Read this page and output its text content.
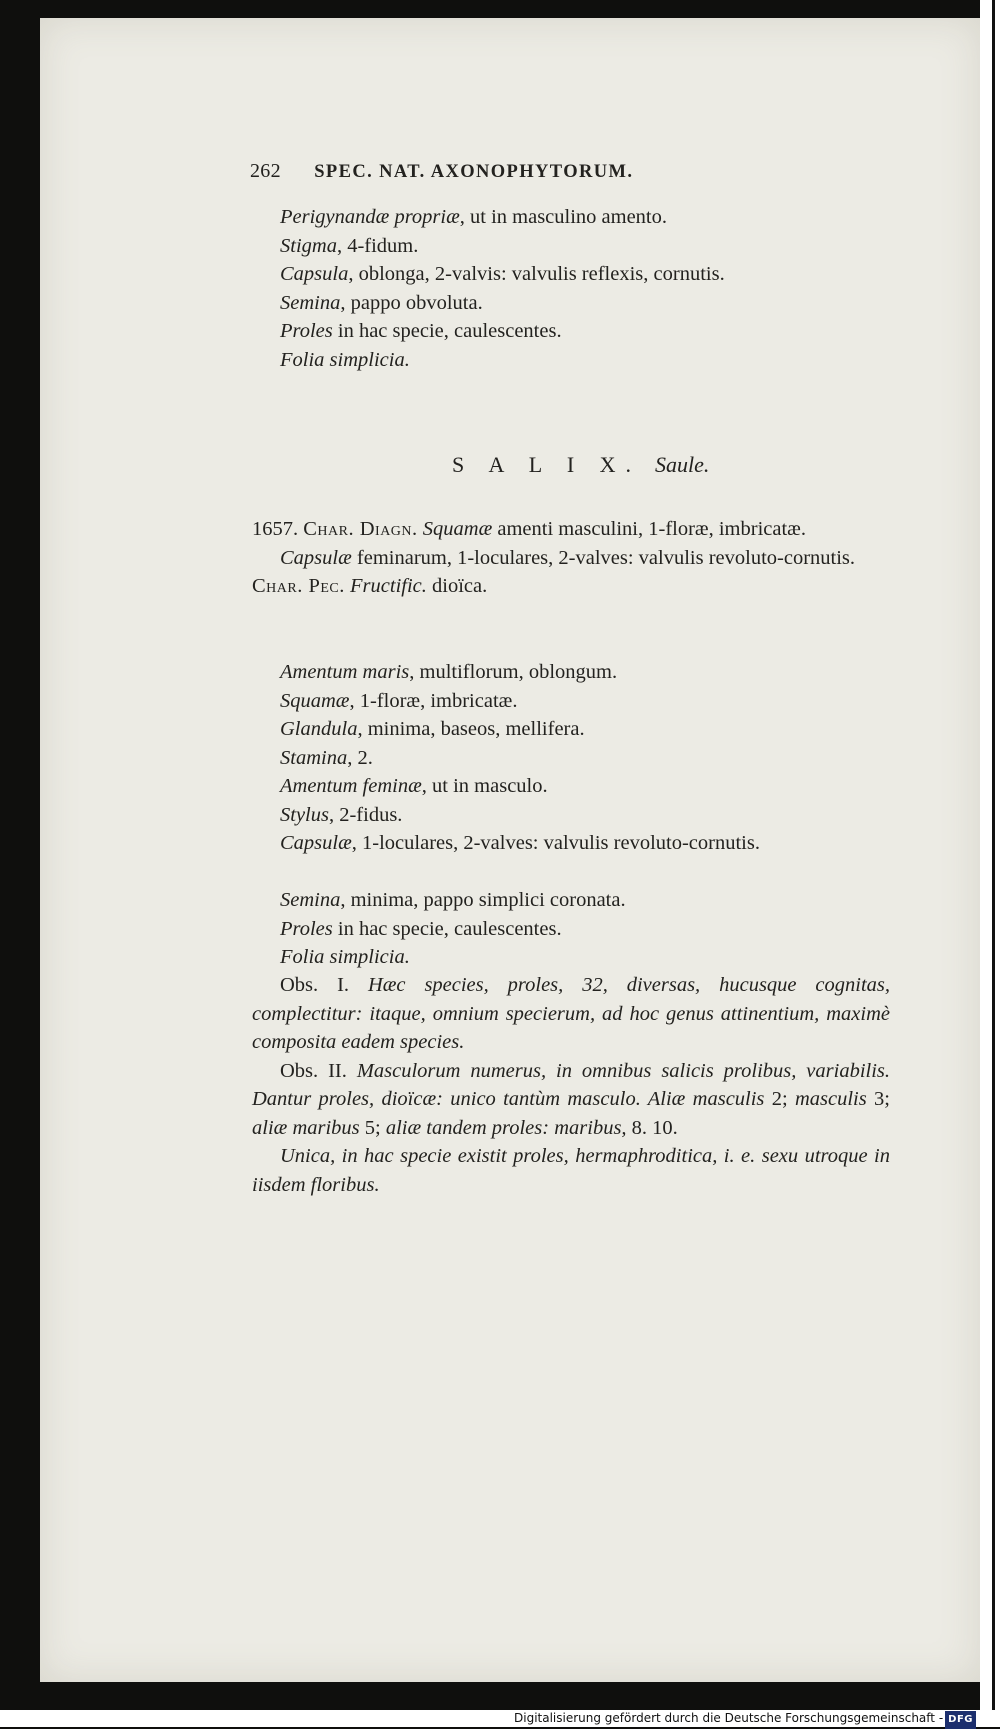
262 SPEC. NAT. AXONOPHYTORUM.

Perigynandæ propriæ, ut in masculino amento.

Stigma, 4-fidum.

Capsula, oblonga, 2-valvis: valvulis reflexis, cornutis.

Semina, pappo obvoluta.

Proles in hac specie, caulescentes.

Folia simplicia.

S A L I X. Saule.

1657. Char. Diagn. Squamæ amenti masculini, 1-floræ, imbricatæ.

Capsulæ feminarum, 1-loculares, 2-valves: valvulis revoluto-cornutis.

Char. Pec. Fructific. dioïca.

Amentum maris, multiflorum, oblongum.

Squamæ, 1-floræ, imbricatæ.

Glandula, minima, baseos, mellifera.

Stamina, 2.

Amentum feminæ, ut in masculo.

Stylus, 2-fidus.

Capsulæ, 1-loculares, 2-valves: valvulis revoluto-cornutis.

Semina, minima, pappo simplici coronata.

Proles in hac specie, caulescentes.

Folia simplicia.

Obs. I. Hæc species, proles, 32, diversas, hucusque cognitas, complectitur: itaque, omnium specierum, ad hoc genus attinentium, maximè composita eadem species.

Obs. II. Masculorum numerus, in omnibus salicis prolibus, variabilis. Dantur proles, dioïcæ: unico tantùm masculo. Aliæ masculis 2; masculis 3; aliæ maribus 5; aliæ tandem proles: maribus, 8. 10.

Unica, in hac specie existit proles, hermaphroditica, i. e. sexu utroque in iisdem floribus.

Digitalisierung gefördert durch die Deutsche Forschungsgemeinschaft - DFG
